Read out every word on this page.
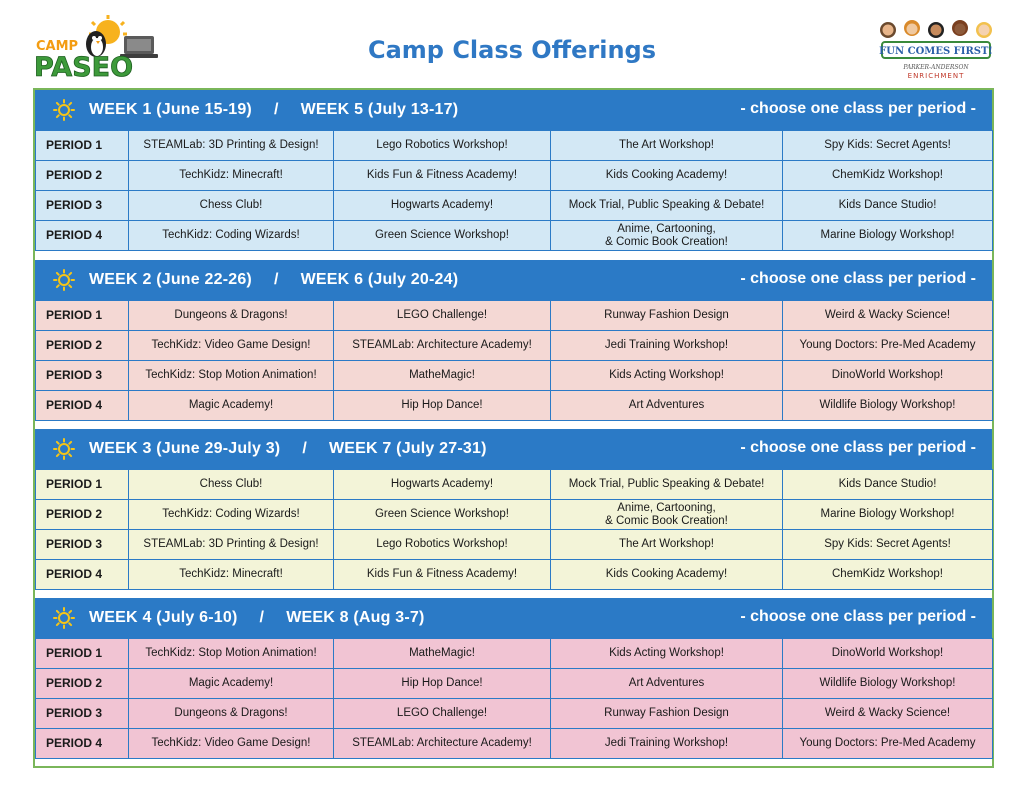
CAMP
PASEO
Camp Class Offerings	FUN COMES FIRST!
PARKER-ANDERSON
ENRICHMENT
WEEK 1 (June 15-19) / WEEK 5 (July 13-17)	- choose one class per period -
PERIOD 1	STEAMLab: 3D Printing & Design!	Lego Robotics Workshop!	The Art Workshop!	Spy Kids: Secret Agents!
PERIOD 2	TechKidz: Minecraft!	Kids Fun & Fitness Academy!	Kids Cooking Academy!	ChemKidz Workshop!
PERIOD 3	Chess Club!	Hogwarts Academy!	Mock Trial, Public Speaking & Debate!	Kids Dance Studio!
PERIOD 4	TechKidz: Coding Wizards!	Green Science Workshop!	Anime, Cartooning,
& Comic Book Creation!	Marine Biology Workshop!
WEEK 2 (June 22-26) / WEEK 6 (July 20-24)	- choose one class per period -
PERIOD 1	Dungeons & Dragons!	LEGO Challenge!	Runway Fashion Design	Weird & Wacky Science!
PERIOD 2	TechKidz: Video Game Design!	STEAMLab: Architecture Academy!	Jedi Training Workshop!	Young Doctors: Pre-Med Academy
PERIOD 3	TechKidz: Stop Motion Animation!	MatheMagic!	Kids Acting Workshop!	DinoWorld Workshop!
PERIOD 4	Magic Academy!	Hip Hop Dance!	Art Adventures	Wildlife Biology Workshop!
WEEK 3 (June 29-July 3) / WEEK 7 (July 27-31)	- choose one class per period -
PERIOD 1	Chess Club!	Hogwarts Academy!	Mock Trial, Public Speaking & Debate!	Kids Dance Studio!
PERIOD 2	TechKidz: Coding Wizards!	Green Science Workshop!	Anime, Cartooning,
& Comic Book Creation!	Marine Biology Workshop!
PERIOD 3	STEAMLab: 3D Printing & Design!	Lego Robotics Workshop!	The Art Workshop!	Spy Kids: Secret Agents!
PERIOD 4	TechKidz: Minecraft!	Kids Fun & Fitness Academy!	Kids Cooking Academy!	ChemKidz Workshop!
WEEK 4 (July 6-10) / WEEK 8 (Aug 3-7)	- choose one class per period -
PERIOD 1	TechKidz: Stop Motion Animation!	MatheMagic!	Kids Acting Workshop!	DinoWorld Workshop!
PERIOD 2	Magic Academy!	Hip Hop Dance!	Art Adventures	Wildlife Biology Workshop!
PERIOD 3	Dungeons & Dragons!	LEGO Challenge!	Runway Fashion Design	Weird & Wacky Science!
PERIOD 4	TechKidz: Video Game Design!	STEAMLab: Architecture Academy!	Jedi Training Workshop!	Young Doctors: Pre-Med Academy
